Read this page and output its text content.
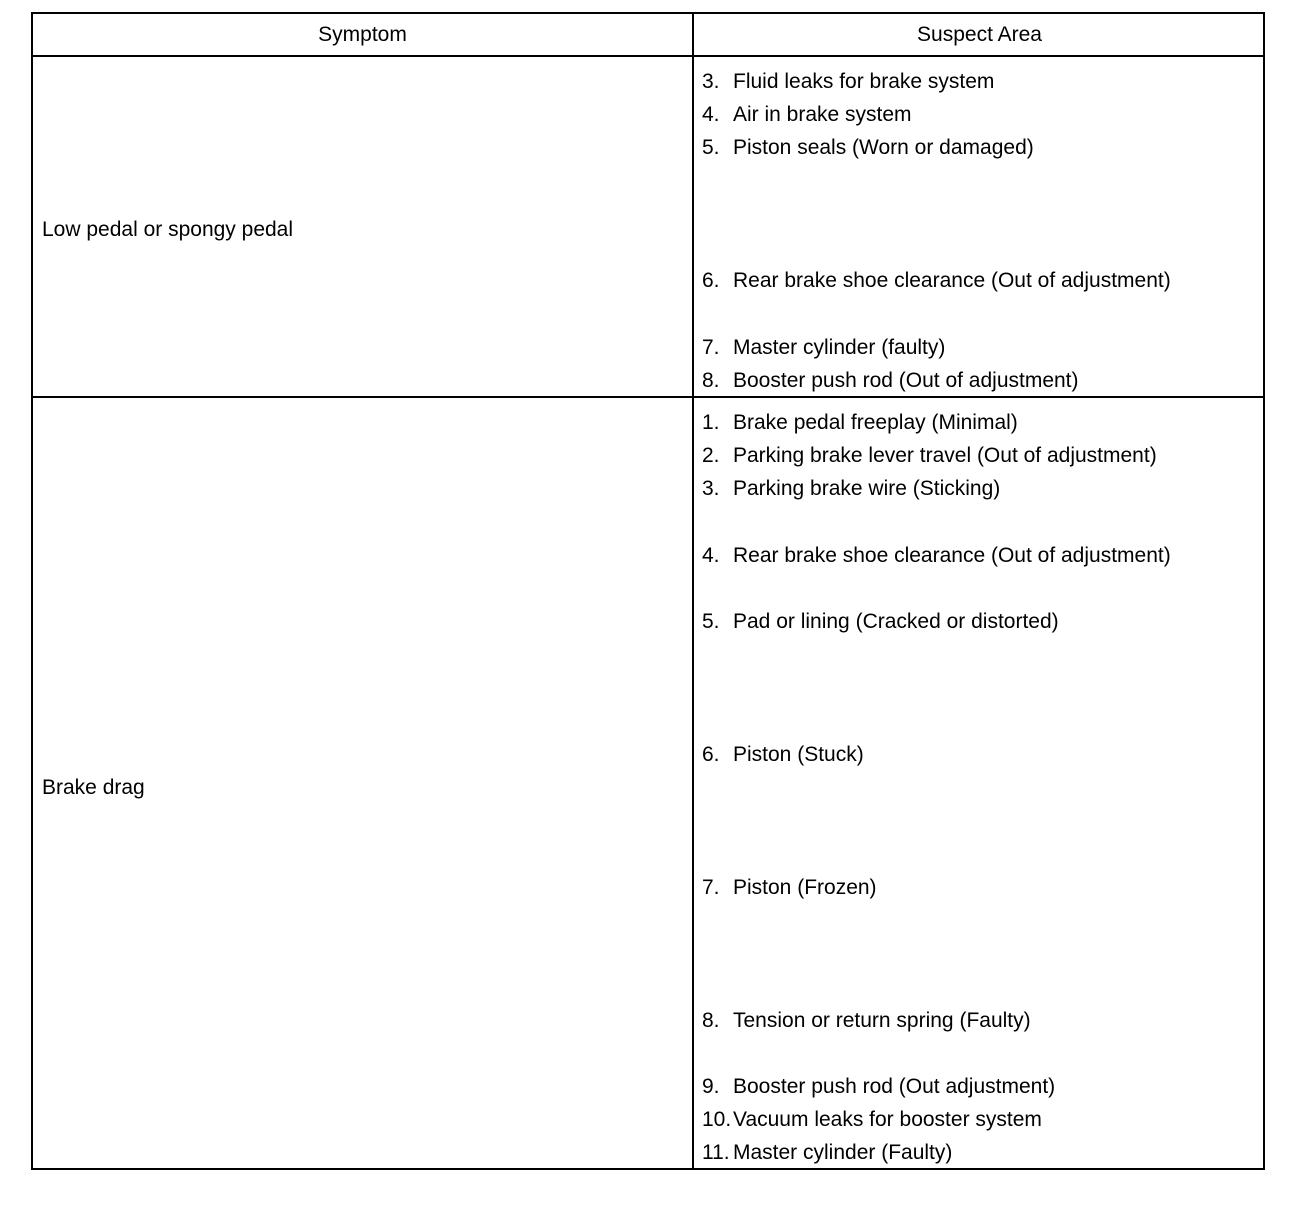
Symptom	Suspect Area
Low pedal or spongy pedal
3. Fluid leaks for brake system
4. Air in brake system
5. Piston seals (Worn or damaged)
6. Rear brake shoe clearance (Out of adjustment)
7. Master cylinder (faulty)
8. Booster push rod (Out of adjustment)
Brake drag
1. Brake pedal freeplay (Minimal)
2. Parking brake lever travel (Out of adjustment)
3. Parking brake wire (Sticking)
4. Rear brake shoe clearance (Out of adjustment)
5. Pad or lining (Cracked or distorted)
6. Piston (Stuck)
7. Piston (Frozen)
8. Tension or return spring (Faulty)
9. Booster push rod (Out adjustment)
10. Vacuum leaks for booster system
11. Master cylinder (Faulty)
